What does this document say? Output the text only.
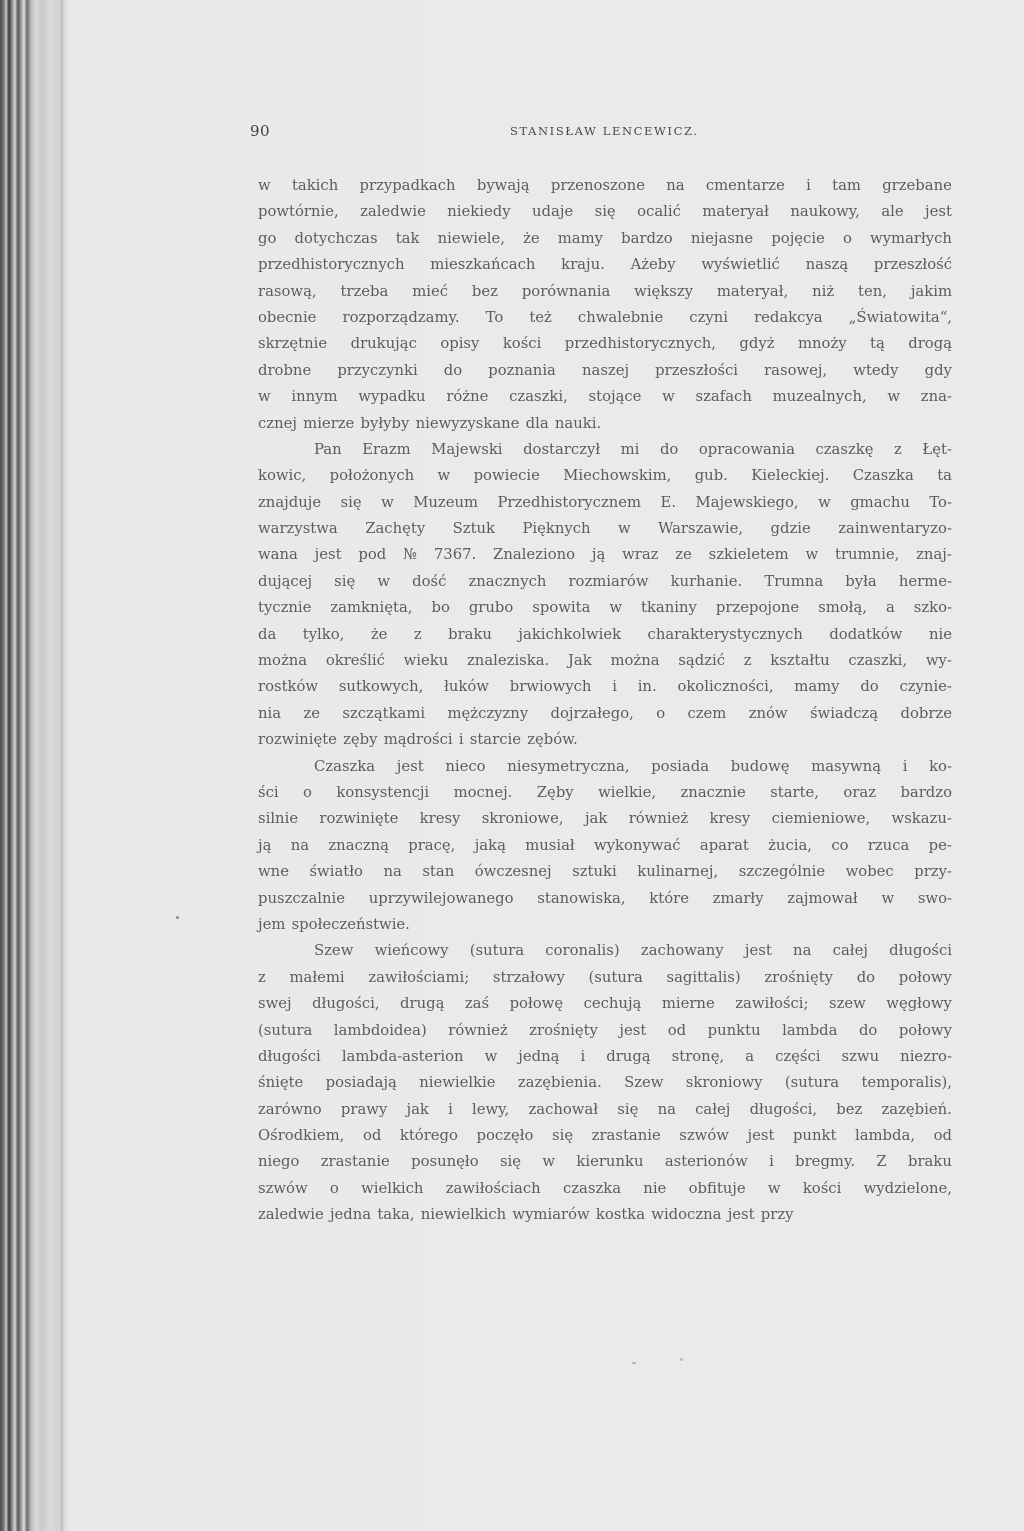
90	STANISŁAW LENCEWICZ.
w takich przypadkach bywają przenoszone na cmentarze i tam grzebane
powtórnie, zaledwie niekiedy udaje się ocalić materyał naukowy, ale jest
go dotychczas tak niewiele, że mamy bardzo niejasne pojęcie o wymarłych
przedhistorycznych mieszkańcach kraju. Ażeby wyświetlić naszą przeszłość
rasową, trzeba mieć bez porównania większy materyał, niż ten, jakim
obecnie rozporządzamy. To też chwalebnie czyni redakcya „Światowita“,
skrzętnie drukując opisy kości przedhistorycznych, gdyż mnoży tą drogą
drobne przyczynki do poznania naszej przeszłości rasowej, wtedy gdy
w innym wypadku różne czaszki, stojące w szafach muzealnych, w zna-
cznej mierze byłyby niewyzyskane dla nauki.
Pan Erazm Majewski dostarczył mi do opracowania czaszkę z Łęt-
kowic, położonych w powiecie Miechowskim, gub. Kieleckiej. Czaszka ta
znajduje się w Muzeum Przedhistorycznem E. Majewskiego, w gmachu To-
warzystwa Zachęty Sztuk Pięknych w Warszawie, gdzie zainwentaryzo-
wana jest pod № 7367. Znaleziono ją wraz ze szkieletem w trumnie, znaj-
dującej się w dość znacznych rozmiarów kurhanie. Trumna była herme-
tycznie zamknięta, bo grubo spowita w tkaniny przepojone smołą, a szko-
da tylko, że z braku jakichkolwiek charakterystycznych dodatków nie
można określić wieku znaleziska. Jak można sądzić z kształtu czaszki, wy-
rostków sutkowych, łuków brwiowych i in. okoliczności, mamy do czynie-
nia ze szczątkami mężczyzny dojrzałego, o czem znów świadczą dobrze
rozwinięte zęby mądrości i starcie zębów.
Czaszka jest nieco niesymetryczna, posiada budowę masywną i ko-
ści o konsystencji mocnej. Zęby wielkie, znacznie starte, oraz bardzo
silnie rozwinięte kresy skroniowe, jak również kresy ciemieniowe, wskazu-
ją na znaczną pracę, jaką musiał wykonywać aparat żucia, co rzuca pe-
wne światło na stan ówczesnej sztuki kulinarnej, szczególnie wobec przy-
puszczalnie uprzywilejowanego stanowiska, które zmarły zajmował w swo-
jem społeczeństwie.
Szew wieńcowy (sutura coronalis) zachowany jest na całej długości
z małemi zawiłościami; strzałowy (sutura sagittalis) zrośnięty do połowy
swej długości, drugą zaś połowę cechują mierne zawiłości; szew węgłowy
(sutura lambdoidea) również zrośnięty jest od punktu lambda do połowy
długości lambda-asterion w jedną i drugą stronę, a części szwu niezro-
śnięte posiadają niewielkie zazębienia. Szew skroniowy (sutura temporalis),
zarówno prawy jak i lewy, zachował się na całej długości, bez zazębień.
Ośrodkiem, od którego poczęło się zrastanie szwów jest punkt lambda, od
niego zrastanie posunęło się w kierunku asterionów i bregmy. Z braku
szwów o wielkich zawiłościach czaszka nie obfituje w kości wydzielone,
zaledwie jedna taka, niewielkich wymiarów kostka widoczna jest przy
